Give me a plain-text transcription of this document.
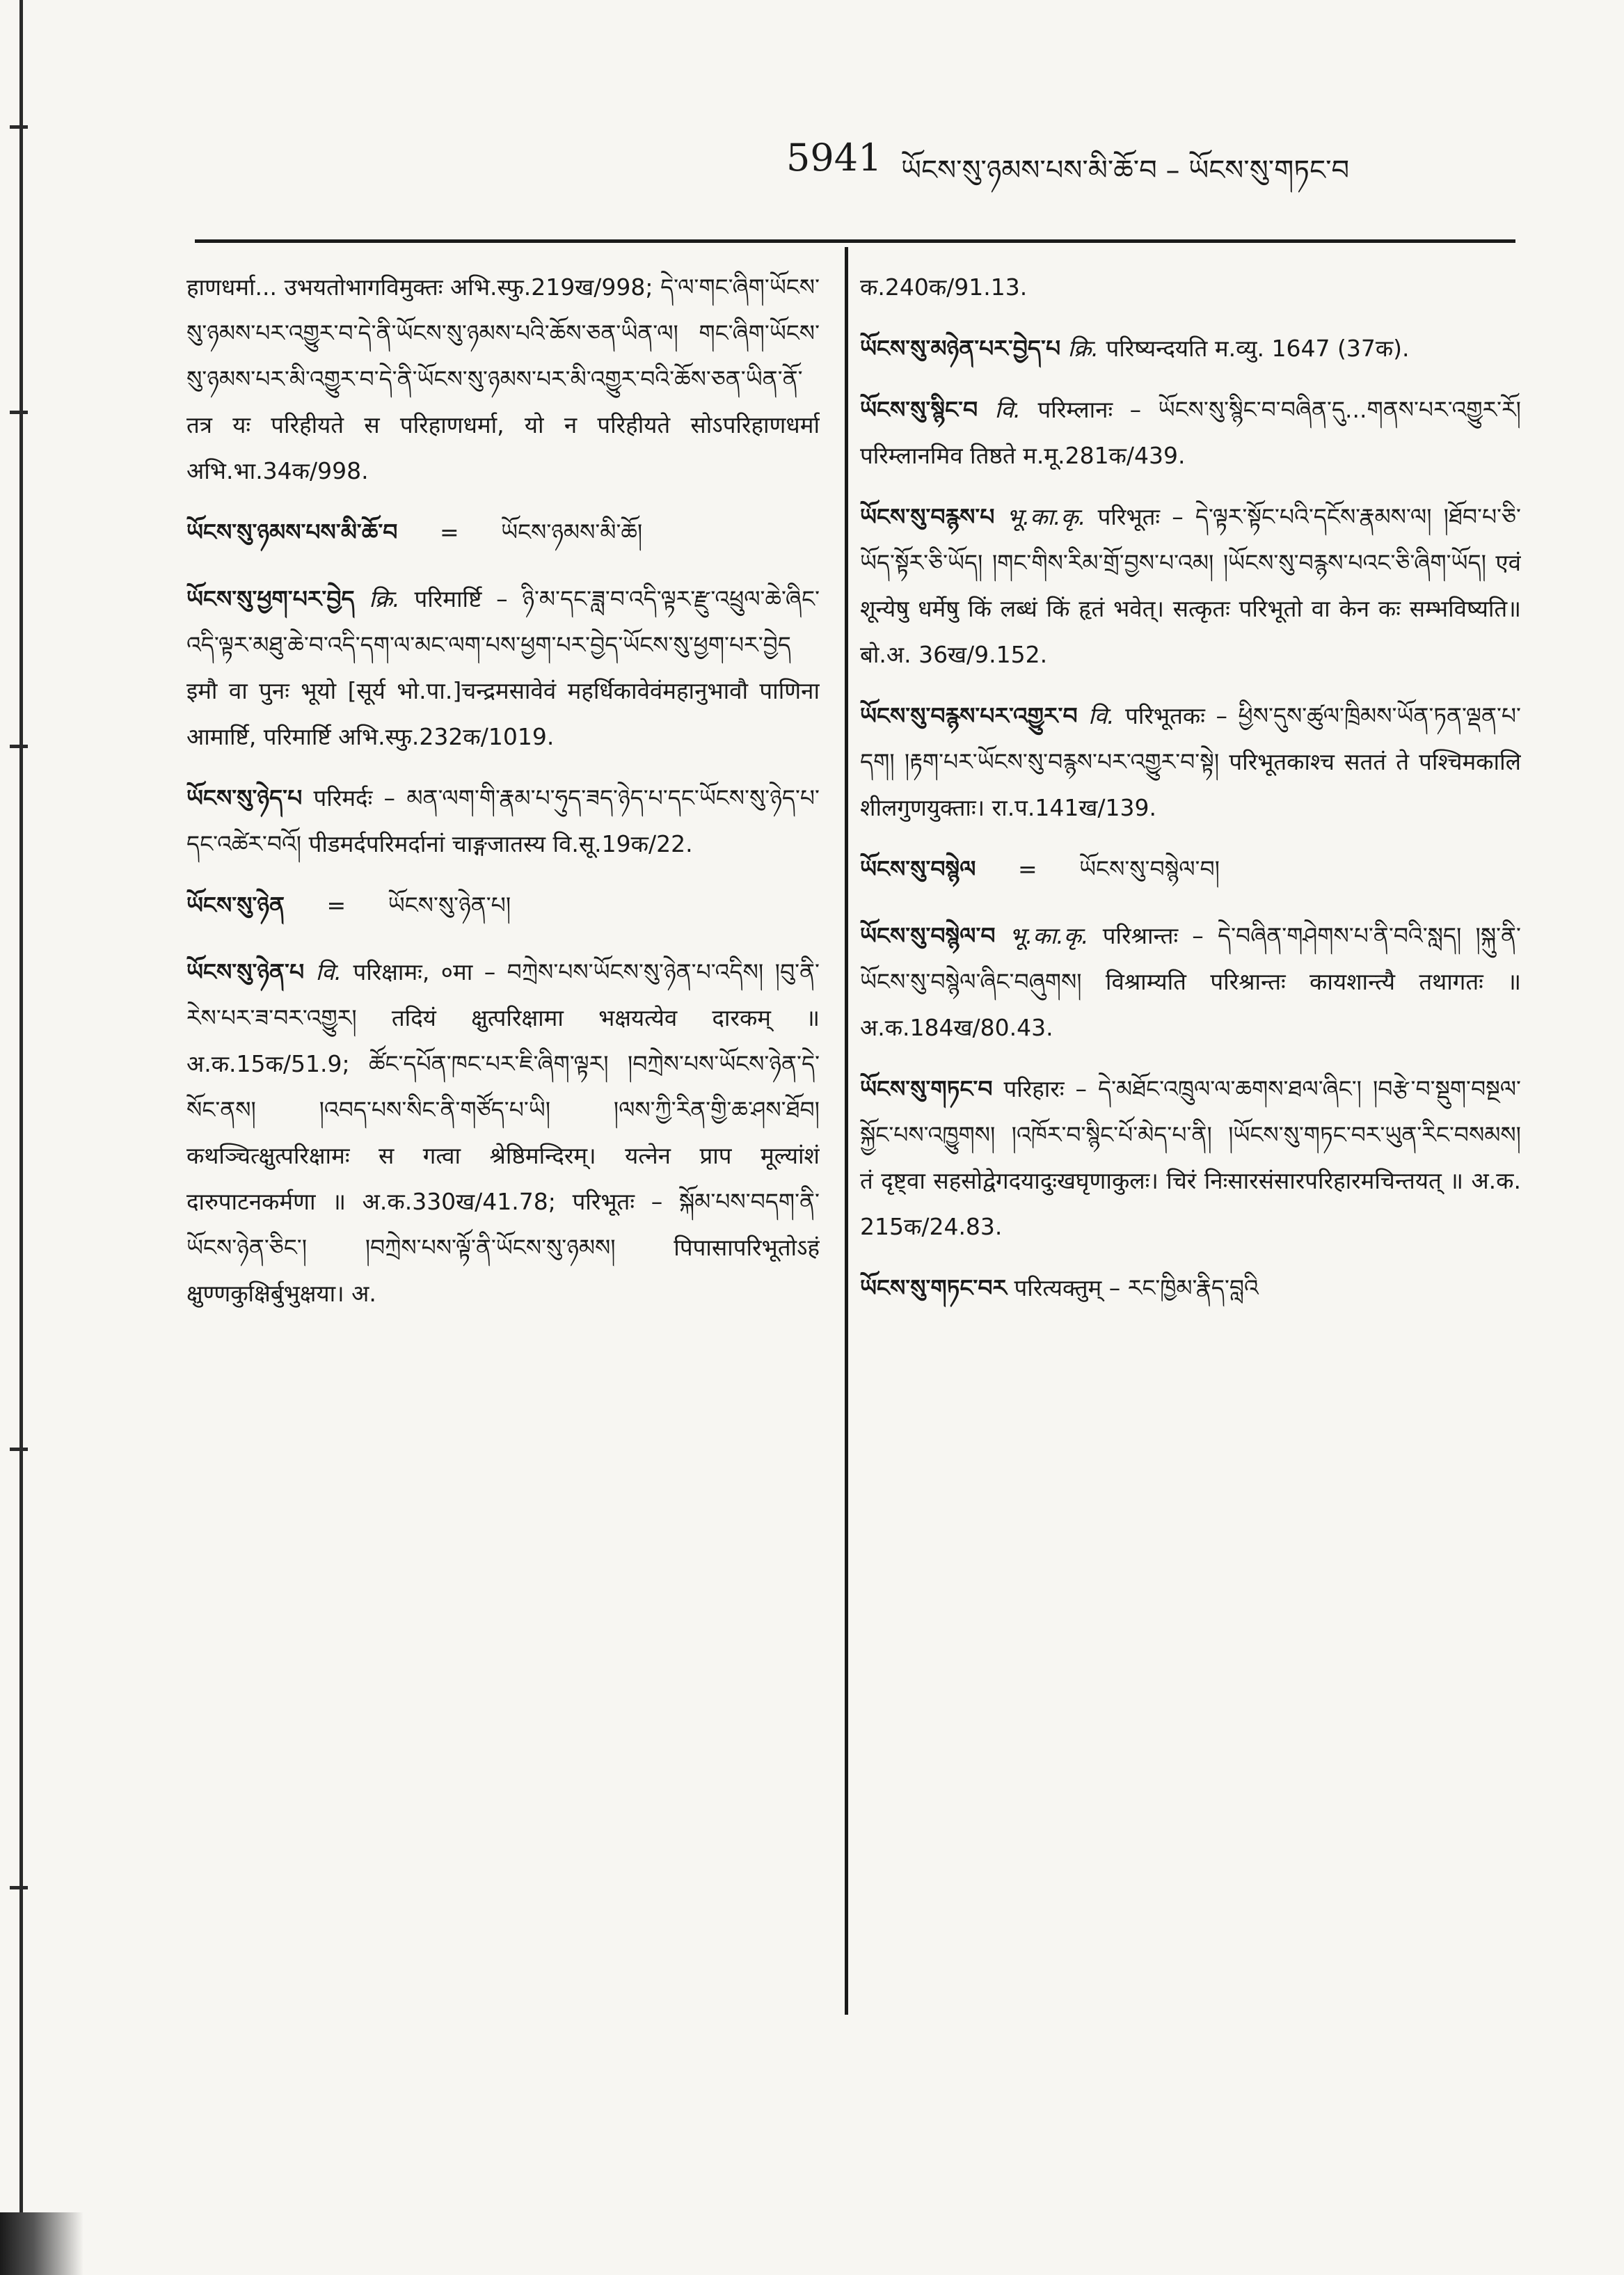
5941 ཡོངས་སུ་ཉམས་པས་མི་ཆོ་བ – ཡོངས་སུ་གཏང་བ

हाणधर्मा... उभयतोभागविमुक्तः अभि.स्फु.219ख/998; དེ་ལ་གང་ཞིག་ཡོངས་སུ་ཉམས་པར་འགྱུར་བ་དེ་ནི་ཡོངས་སུ་ཉམས་པའི་ཆོས་ཅན་ཡིན་ལ། གང་ཞིག་ཡོངས་སུ་ཉམས་པར་མི་འགྱུར་བ་དེ་ནི་ཡོངས་སུ་ཉམས་པར་མི་འགྱུར་བའི་ཆོས་ཅན་ཡིན་ནོ་ तत्र यः परिहीयते स परिहाणधर्मा, यो न परिहीयते सोऽपरिहाणधर्मा अभि.भा.34क/998.

ཡོངས་སུ་ཉམས་པས་མི་ཆོ་བ = ཡོངས་ཉམས་མི་ཆོ།

ཡོངས་སུ་ཕྱག་པར་བྱེད क्रि. परिमार्ष्टि – ཉི་མ་དང་ཟླ་བ་འདི་ལྟར་རྫུ་འཕྲུལ་ཆེ་ཞིང་འདི་ལྟར་མཐུ་ཆེ་བ་འདི་དག་ལ་མང་ལག་པས་ཕྱག་པར་བྱེད་ཡོངས་སུ་ཕྱག་པར་བྱེད इमौ वा पुनः भूयो [सूर्य भो.पा.]चन्द्रमसावेवं महर्धिकावेवंमहानुभावौ पाणिना आमार्ष्टि, परिमार्ष्टि अभि.स्फु.232क/1019.

ཡོངས་སུ་ཉེད་པ परिमर्दः – མན་ལག་གི་རྣམ་པ་ཧུད་ཟད་ཉེད་པ་དང་ཡོངས་སུ་ཉེད་པ་དང་འཚེར་བའོ། पीडमर्दपरिमर्दानां चाङ्गजातस्य वि.सू.19क/22.

ཡོངས་སུ་ཉེན = ཡོངས་སུ་ཉེན་པ།

ཡོངས་སུ་ཉེན་པ वि. परिक्षामः, ०मा – བཀྲེས་པས་ཡོངས་སུ་ཉེན་པ་འདིས། །བུ་ནི་རེས་པར་ཟ་བར་འགྱུར། तदियं क्षुत्परिक्षामा भक्षयत्येव दारकम् ॥ अ.क.15क/51.9; ཚོང་དཔོན་ཁང་པར་ཇི་ཞིག་ལྟར། །བཀྲེས་པས་ཡོངས་ཉེན་དེ་སོང་ནས། །འབད་པས་སིང་ནི་གཙོད་པ་ཡི། །ལས་ཀྱི་རིན་གྱི་ཆ་ཤས་ཐོབ། कथञ्चित्क्षुत्परिक्षामः स गत्वा श्रेष्ठिमन्दिरम्। यत्नेन प्राप मूल्यांशं दारुपाटनकर्मणा ॥ अ.क.330ख/41.78; परिभूतः – སྐོམ་པས་བདག་ནི་ཡོངས་ཉེན་ཅིང་། །བཀྲེས་པས་ལྟོ་ནི་ཡོངས་སུ་ཉམས། पिपासापरिभूतोऽहं क्षुण्णकुक्षिर्बुभुक्षया। अ.

क.240क/91.13.

ཡོངས་སུ་མཉེན་པར་བྱེད་པ क्रि. परिष्यन्दयति म.व्यु. 1647 (37क).

ཡོངས་སུ་སྙིང་བ वि. परिम्लानः – ཡོངས་སུ་སྙིང་བ་བཞིན་དུ...གནས་པར་འགྱུར་རོ། परिम्लानमिव तिष्ठते म.मू.281क/439.

ཡོངས་སུ་བརྙས་པ भू.का.कृ. परिभूतः – དེ་ལྟར་སྟོང་པའི་དངོས་རྣམས་ལ། །ཐོབ་པ་ཅི་ཡོད་སྟོར་ཅི་ཡོད། །གང་གིས་རིམ་གྲོ་བྱས་པ་འམ། །ཡོངས་སུ་བརྙས་པའང་ཅི་ཞིག་ཡོད། एवं शून्येषु धर्मेषु किं लब्धं किं हृतं भवेत्। सत्कृतः परिभूतो वा केन कः सम्भविष्यति॥ बो.अ. 36ख/9.152.

ཡོངས་སུ་བརྙས་པར་འགྱུར་བ वि. परिभूतकः – ཕྱིས་དུས་ཚུལ་ཁྲིམས་ཡོན་ཏན་ལྡན་པ་དག། །རྟག་པར་ཡོངས་སུ་བརྙས་པར་འགྱུར་བ་སྟེ། परिभूतकाश्च सततं ते पश्चिमकालि शीलगुणयुक्ताः। रा.प.141ख/139.

ཡོངས་སུ་བསྙེལ = ཡོངས་སུ་བསྙེལ་བ།

ཡོངས་སུ་བསྙེལ་བ भू.का.कृ. परिश्रान्तः – དེ་བཞིན་གཤེགས་པ་ནི་བའི་སླད། །སྐུ་ནི་ཡོངས་སུ་བསྙེལ་ཞིང་བཞུགས། विश्राम्यति परिश्रान्तः कायशान्त्यै तथागतः ॥ अ.क.184ख/80.43.

ཡོངས་སུ་གཏང་བ परिहारः – དེ་མཐོང་འཁྲུལ་ལ་ཆགས་ཐལ་ཞིང་། །བརྩེ་བ་སྡུག་བསྔལ་སྐྱོང་པས་འཁྱུགས། །འཁོར་བ་སྙིང་པོ་མེད་པ་ནི། །ཡོངས་སུ་གཏང་བར་ཡུན་རིང་བསམས། तं दृष्ट्वा सहसोद्वेगदयादुःखघृणाकुलः। चिरं निःसारसंसारपरिहारमचिन्तयत् ॥ अ.क. 215क/24.83.

ཡོངས་སུ་གཏང་བར परित्यक्तुम् – རང་ཁྱིམ་རྣིད་བླའི
